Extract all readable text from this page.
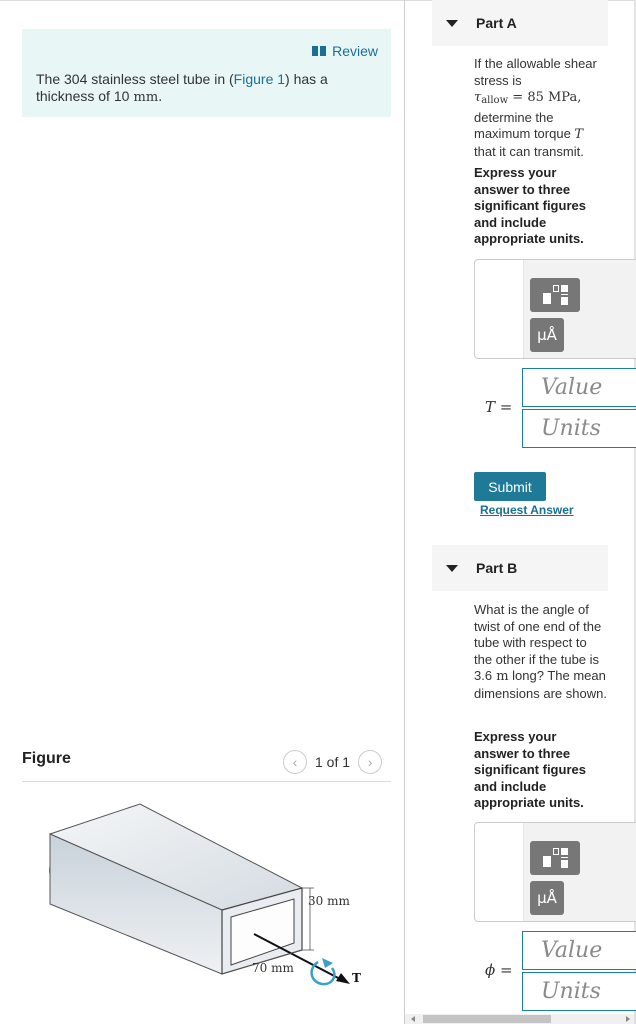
Review
The 304 stainless steel tube in (Figure 1) has a thickness of 10 mm.
Figure	‹	1 of 1	›
30 mm
70 mm
T
Part A
If the allowable shear
stress is
$\tau_{allow} = 85$ MPa,
determine the
maximum torque T
that it can transmit.
Express your answer to three significant figures and include appropriate units.
μÅ
T =
Value
Units
Submit
Request Answer
Part B
What is the angle of twist of one end of the tube with respect to the other if the tube is 3.6 m long? The mean dimensions are shown.
Express your answer to three significant figures and include appropriate units.
μÅ
ϕ =
Value
Units
